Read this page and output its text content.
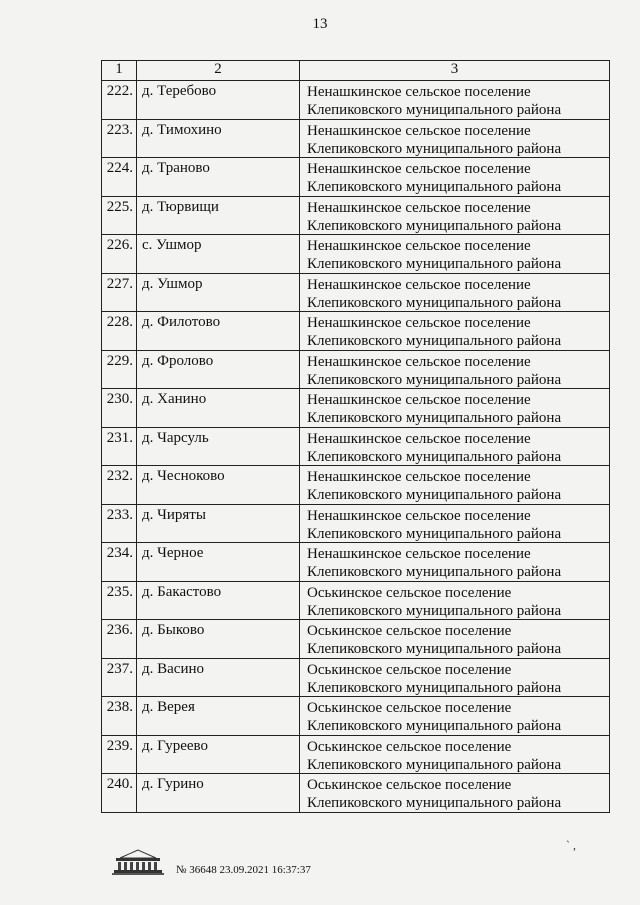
13
1	2	3
222. д. Теребово	Ненашкинское сельское поселение
Клепиковского муниципального района
223. д. Тимохино	Ненашкинское сельское поселение
Клепиковского муниципального района
224. д. Траново	Ненашкинское сельское поселение
Клепиковского муниципального района
225. д. Тюрвищи	Ненашкинское сельское поселение
Клепиковского муниципального района
226. с. Ушмор	Ненашкинское сельское поселение
Клепиковского муниципального района
227. д. Ушмор	Ненашкинское сельское поселение
Клепиковского муниципального района
228. д. Филотово	Ненашкинское сельское поселение
Клепиковского муниципального района
229. д. Фролово	Ненашкинское сельское поселение
Клепиковского муниципального района
230. д. Ханино	Ненашкинское сельское поселение
Клепиковского муниципального района
231. д. Чарсуль	Ненашкинское сельское поселение
Клепиковского муниципального района
232. д. Чесноково	Ненашкинское сельское поселение
Клепиковского муниципального района
233. д. Чиряты	Ненашкинское сельское поселение
Клепиковского муниципального района
234. д. Черное	Ненашкинское сельское поселение
Клепиковского муниципального района
235. д. Бакастово	Оськинское сельское поселение
Клепиковского муниципального района
236. д. Быково	Оськинское сельское поселение
Клепиковского муниципального района
237. д. Васино	Оськинское сельское поселение
Клепиковского муниципального района
238. д. Верея	Оськинское сельское поселение
Клепиковского муниципального района
239. д. Гуреево	Оськинское сельское поселение
Клепиковского муниципального района
240. д. Гурино	Оськинское сельское поселение
Клепиковского муниципального района
№ 36648 23.09.2021 16:37:37
` ,
